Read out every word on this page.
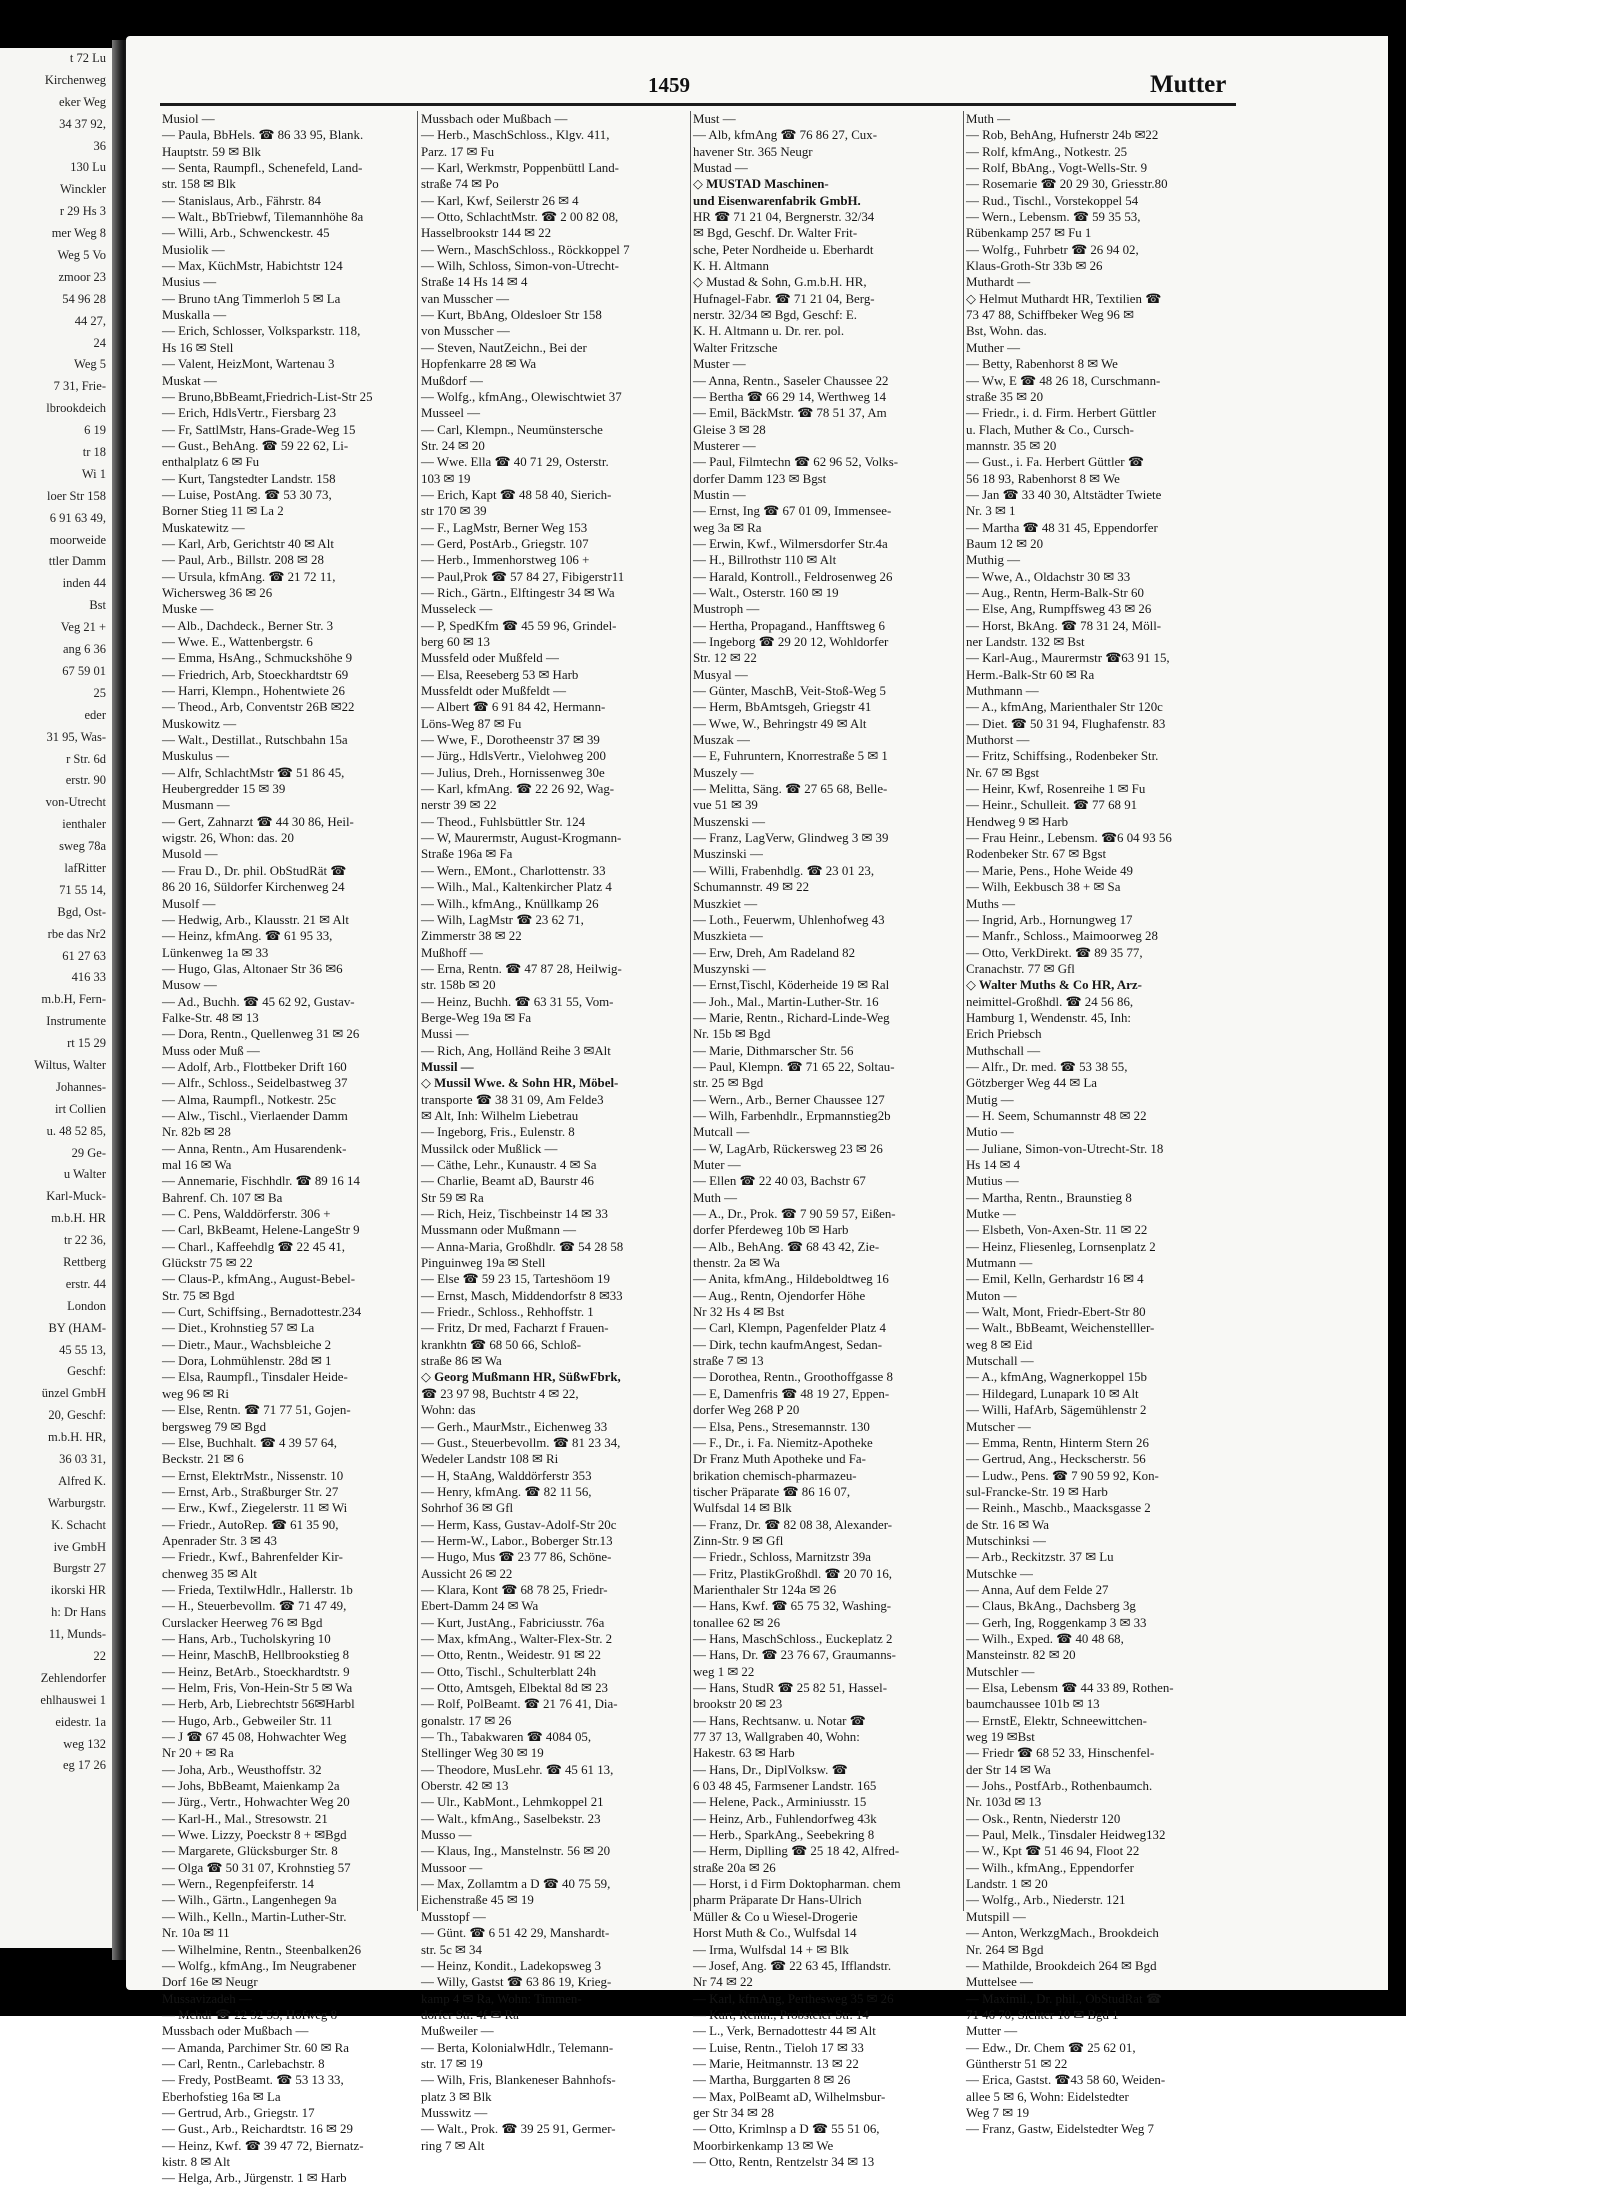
t 72 Lu
Kirchenweg
eker Weg
34 37 92,
36
130 Lu
Winckler
r 29 Hs 3
mer Weg 8
Weg 5 Vo
zmoor 23
54 96 28
44 27,
24
Weg 5
7 31, Frie-
lbrookdeich
6 19
tr 18
Wi 1
loer Str 158
6 91 63 49,
moorweide
ttler Damm
inden 44
Bst
Veg 21 +
ang 6 36
67 59 01
25
eder
31 95, Was-
r Str. 6d
erstr. 90
von-Utrecht
ienthaler
sweg 78a
lafRitter
71 55 14,
Bgd, Ost-
rbe das Nr2
61 27 63
416 33
m.b.H, Fern-
Instrumente
rt 15 29
Wiltus, Walter
Johannes-
irt Collien
u. 48 52 85,
29 Ge-
u Walter
Karl-Muck-
m.b.H. HR
tr 22 36,
Rettberg
erstr. 44
London
BY (HAM-
45 55 13,
Geschf:
ünzel GmbH
20, Geschf:
m.b.H. HR,
36 03 31,
Alfred K.
Warburgstr.
K. Schacht
ive GmbH
Burgstr 27
ikorski HR
h: Dr Hans
11, Munds-
22
Zehlendorfer
ehlhauswei 1
eidestr. 1a
weg 132
eg 17 26
1459	Mutter
Musiol —
— Paula, BbHels. ☎ 86 33 95, Blank.
Hauptstr. 59 ✉ Blk
— Senta, Raumpfl., Schenefeld, Land-
str. 158 ✉ Blk
— Stanislaus, Arb., Fährstr. 84
— Walt., BbTriebwf, Tilemannhöhe 8a
— Willi, Arb., Schwenckestr. 45
Musiolik —
— Max, KüchMstr, Habichtstr 124
Musius —
— Bruno tAng Timmerloh 5 ✉ La
Muskalla —
— Erich, Schlosser, Volksparkstr. 118,
Hs 16 ✉ Stell
— Valent, HeizMont, Wartenau 3
Muskat —
— Bruno,BbBeamt,Friedrich-List-Str 25
— Erich, HdlsVertr., Fiersbarg 23
— Fr, SattlMstr, Hans-Grade-Weg 15
— Gust., BehAng. ☎ 59 22 62, Li-
enthalplatz 6 ✉ Fu
— Kurt, Tangstedter Landstr. 158
— Luise, PostAng. ☎ 53 30 73,
Borner Stieg 11 ✉ La 2
Muskatewitz —
— Karl, Arb, Gerichtstr 40 ✉ Alt
— Paul, Arb., Billstr. 208 ✉ 28
— Ursula, kfmAng. ☎ 21 72 11,
Wichersweg 36 ✉ 26
Muske —
— Alb., Dachdeck., Berner Str. 3
— Wwe. E., Wattenbergstr. 6
— Emma, HsAng., Schmuckshöhe 9
— Friedrich, Arb, Stoeckhardtstr 69
— Harri, Klempn., Hohentwiete 26
— Theod., Arb, Conventstr 26B ✉22
Muskowitz —
— Walt., Destillat., Rutschbahn 15a
Muskulus —
— Alfr, SchlachtMstr ☎ 51 86 45,
Heubergredder 15 ✉ 39
Musmann —
— Gert, Zahnarzt ☎ 44 30 86, Heil-
wigstr. 26, Whon: das. 20
Musold —
— Frau D., Dr. phil. ObStudRät ☎
86 20 16, Süldorfer Kirchenweg 24
Musolf —
— Hedwig, Arb., Klausstr. 21 ✉ Alt
— Heinz, kfmAng. ☎ 61 95 33,
Lünkenweg 1a ✉ 33
— Hugo, Glas, Altonaer Str 36 ✉6
Musow —
— Ad., Buchh. ☎ 45 62 92, Gustav-
Falke-Str. 48 ✉ 13
— Dora, Rentn., Quellenweg 31 ✉ 26
Muss oder Muß —
— Adolf, Arb., Flottbeker Drift 160
— Alfr., Schloss., Seidelbastweg 37
— Alma, Raumpfl., Notkestr. 25c
— Alw., Tischl., Vierlaender Damm
Nr. 82b ✉ 28
— Anna, Rentn., Am Husarendenk-
mal 16 ✉ Wa
— Annemarie, Fischhdlr. ☎ 89 16 14
Bahrenf. Ch. 107 ✉ Ba
— C. Pens, Walddörferstr. 306 +
— Carl, BkBeamt, Helene-LangeStr 9
— Charl., Kaffeehdlg ☎ 22 45 41,
Glückstr 75 ✉ 22
— Claus-P., kfmAng., August-Bebel-
Str. 75 ✉ Bgd
— Curt, Schiffsing., Bernadottestr.234
— Diet., Krohnstieg 57 ✉ La
— Dietr., Maur., Wachsbleiche 2
— Dora, Lohmühlenstr. 28d ✉ 1
— Elsa, Raumpfl., Tinsdaler Heide-
weg 96 ✉ Ri
— Else, Rentn. ☎ 71 77 51, Gojen-
bergsweg 79 ✉ Bgd
— Else, Buchhalt. ☎ 4 39 57 64,
Beckstr. 21 ✉ 6
— Ernst, ElektrMstr., Nissenstr. 10
— Ernst, Arb., Straßburger Str. 27
— Erw., Kwf., Ziegelerstr. 11 ✉ Wi
— Friedr., AutoRep. ☎ 61 35 90,
Apenrader Str. 3 ✉ 43
— Friedr., Kwf., Bahrenfelder Kir-
chenweg 35 ✉ Alt
— Frieda, TextilwHdlr., Hallerstr. 1b
— H., Steuerbevollm. ☎ 71 47 49,
Curslacker Heerweg 76 ✉ Bgd
— Hans, Arb., Tucholskyring 10
— Heinr, MaschB, Hellbrookstieg 8
— Heinz, BetArb., Stoeckhardtstr. 9
— Helm, Fris, Von-Hein-Str 5 ✉ Wa
— Herb, Arb, Liebrechtstr 56✉Harbl
— Hugo, Arb., Gebweiler Str. 11
— J ☎ 67 45 08, Hohwachter Weg
Nr 20 + ✉ Ra
— Joha, Arb., Weusthoffstr. 32
— Johs, BbBeamt, Maienkamp 2a
— Jürg., Vertr., Hohwachter Weg 20
— Karl-H., Mal., Stresowstr. 21
— Wwe. Lizzy, Poeckstr 8 + ✉Bgd
— Margarete, Glücksburger Str. 8
— Olga ☎ 50 31 07, Krohnstieg 57
— Wern., Regenpfeiferstr. 14
— Wilh., Gärtn., Langenhegen 9a
— Wilh., Kelln., Martin-Luther-Str.
Nr. 10a ✉ 11
— Wilhelmine, Rentn., Steenbalken26
— Wolfg., kfmAng., Im Neugrabener
Dorf 16e ✉ Neugr
Mussavizadeh —
— Mehdi ☎ 22 32 53, Hofweg 8
Mussbach oder Mußbach —
— Amanda, Parchimer Str. 60 ✉ Ra
— Carl, Rentn., Carlebachstr. 8
— Fredy, PostBeamt. ☎ 53 13 33,
Eberhofstieg 16a ✉ La
— Gertrud, Arb., Griegstr. 17
— Gust., Arb., Reichardtstr. 16 ✉ 29
— Heinz, Kwf. ☎ 39 47 72, Biernatz-
kistr. 8 ✉ Alt
— Helga, Arb., Jürgenstr. 1 ✉ Harb
Mussbach oder Mußbach —
— Herb., MaschSchloss., Klgv. 411,
Parz. 17 ✉ Fu
— Karl, Werkmstr, Poppenbüttl Land-
straße 74 ✉ Po
— Karl, Kwf, Seilerstr 26 ✉ 4
— Otto, SchlachtMstr. ☎ 2 00 82 08,
Hasselbrookstr 144 ✉ 22
— Wern., MaschSchloss., Röckkoppel 7
— Wilh, Schloss, Simon-von-Utrecht-
Straße 14 Hs 14 ✉ 4
van Musscher —
— Kurt, BbAng, Oldesloer Str 158
von Musscher —
— Steven, NautZeichn., Bei der
Hopfenkarre 28 ✉ Wa
Mußdorf —
— Wolfg., kfmAng., Olewischtwiet 37
Musseel —
— Carl, Klempn., Neumünstersche
Str. 24 ✉ 20
— Wwe. Ella ☎ 40 71 29, Osterstr.
103 ✉ 19
— Erich, Kapt ☎ 48 58 40, Sierich-
str 170 ✉ 39
— F., LagMstr, Berner Weg 153
— Gerd, PostArb., Griegstr. 107
— Herb., Immenhorstweg 106 +
— Paul,Prok ☎ 57 84 27, Fibigerstr11
— Rich., Gärtn., Elftingestr 34 ✉ Wa
Musseleck —
— P, SpedKfm ☎ 45 59 96, Grindel-
berg 60 ✉ 13
Mussfeld oder Mußfeld —
— Elsa, Reeseberg 53 ✉ Harb
Mussfeldt oder Mußfeldt —
— Albert ☎ 6 91 84 42, Hermann-
Löns-Weg 87 ✉ Fu
— Wwe, F., Dorotheenstr 37 ✉ 39
— Jürg., HdlsVertr., Vielohweg 200
— Julius, Dreh., Hornissenweg 30e
— Karl, kfmAng. ☎ 22 26 92, Wag-
nerstr 39 ✉ 22
— Theod., Fuhlsbüttler Str. 124
— W, Maurermstr, August-Krogmann-
Straße 196a ✉ Fa
— Wern., EMont., Charlottenstr. 33
— Wilh., Mal., Kaltenkircher Platz 4
— Wilh., kfmAng., Knüllkamp 26
— Wilh, LagMstr ☎ 23 62 71,
Zimmerstr 38 ✉ 22
Mußhoff —
— Erna, Rentn. ☎ 47 87 28, Heilwig-
str. 158b ✉ 20
— Heinz, Buchh. ☎ 63 31 55, Vom-
Berge-Weg 19a ✉ Fa
Mussi —
— Rich, Ang, Holländ Reihe 3 ✉Alt
Mussil —
◇ Mussil Wwe. & Sohn HR, Möbel-
transporte ☎ 38 31 09, Am Felde3
✉ Alt, Inh: Wilhelm Liebetrau
— Ingeborg, Fris., Eulenstr. 8
Mussilck oder Mußlick —
— Cäthe, Lehr., Kunaustr. 4 ✉ Sa
— Charlie, Beamt aD, Baurstr 46
Str 59 ✉ Ra
— Rich, Heiz, Tischbeinstr 14 ✉ 33
Mussmann oder Mußmann —
— Anna-Maria, Großhdlr. ☎ 54 28 58
Pinguinweg 19a ✉ Stell
— Else ☎ 59 23 15, Tarteshöom 19
— Ernst, Masch, Middendorfstr 8 ✉33
— Friedr., Schloss., Rehhoffstr. 1
— Fritz, Dr med, Facharzt f Frauen-
krankhtn ☎ 68 50 66, Schloß-
straße 86 ✉ Wa
◇ Georg Mußmann HR, SüßwFbrk,
☎ 23 97 98, Buchtstr 4 ✉ 22,
Wohn: das
— Gerh., MaurMstr., Eichenweg 33
— Gust., Steuerbevollm. ☎ 81 23 34,
Wedeler Landstr 108 ✉ Ri
— H, StaAng, Walddörferstr 353
— Henry, kfmAng. ☎ 82 11 56,
Sohrhof 36 ✉ Gfl
— Herm, Kass, Gustav-Adolf-Str 20c
— Herm-W., Labor., Boberger Str.13
— Hugo, Mus ☎ 23 77 86, Schöne-
Aussicht 26 ✉ 22
— Klara, Kont ☎ 68 78 25, Friedr-
Ebert-Damm 24 ✉ Wa
— Kurt, JustAng., Fabriciusstr. 76a
— Max, kfmAng., Walter-Flex-Str. 2
— Otto, Rentn., Weidestr. 91 ✉ 22
— Otto, Tischl., Schulterblatt 24h
— Otto, Amtsgeh, Elbektal 8d ✉ 23
— Rolf, PolBeamt. ☎ 21 76 41, Dia-
gonalstr. 17 ✉ 26
— Th., Tabakwaren ☎ 4084 05,
Stellinger Weg 30 ✉ 19
— Theodore, MusLehr. ☎ 45 61 13,
Oberstr. 42 ✉ 13
— Ulr., KabMont., Lehmkoppel 21
— Walt., kfmAng., Saselbekstr. 23
Musso —
— Klaus, Ing., Manstelnstr. 56 ✉ 20
Mussoor —
— Max, Zollamtm a D ☎ 40 75 59,
Eichenstraße 45 ✉ 19
Musstopf —
— Günt. ☎ 6 51 42 29, Manshardt-
str. 5c ✉ 34
— Heinz, Kondit., Ladekopsweg 3
— Willy, Gastst ☎ 63 86 19, Krieg-
kamp 4 ✉ Ra, Wohn: Timmen-
dorfer Str. 4f ✉ Ra
Mußweiler —
— Berta, KolonialwHdlr., Telemann-
str. 17 ✉ 19
— Wilh, Fris, Blankeneser Bahnhofs-
platz 3 ✉ Blk
Musswitz —
— Walt., Prok. ☎ 39 25 91, Germer-
ring 7 ✉ Alt
Must —
— Alb, kfmAng ☎ 76 86 27, Cux-
havener Str. 365 Neugr
Mustad —
◇ MUSTAD Maschinen-
und Eisenwarenfabrik GmbH.
HR ☎ 71 21 04, Bergnerstr. 32/34
✉ Bgd, Geschf. Dr. Walter Frit-
sche, Peter Nordheide u. Eberhardt
K. H. Altmann
◇ Mustad & Sohn, G.m.b.H. HR,
Hufnagel-Fabr. ☎ 71 21 04, Berg-
nerstr. 32/34 ✉ Bgd, Geschf: E.
K. H. Altmann u. Dr. rer. pol.
Walter Fritzsche
Muster —
— Anna, Rentn., Saseler Chaussee 22
— Bertha ☎ 66 29 14, Werthweg 14
— Emil, BäckMstr. ☎ 78 51 37, Am
Gleise 3 ✉ 28
Musterer —
— Paul, Filmtechn ☎ 62 96 52, Volks-
dorfer Damm 123 ✉ Bgst
Mustin —
— Ernst, Ing ☎ 67 01 09, Immensee-
weg 3a ✉ Ra
— Erwin, Kwf., Wilmersdorfer Str.4a
— H., Billrothstr 110 ✉ Alt
— Harald, Kontroll., Feldrosenweg 26
— Walt., Osterstr. 160 ✉ 19
Mustroph —
— Hertha, Propagand., Hanfftsweg 6
— Ingeborg ☎ 29 20 12, Wohldorfer
Str. 12 ✉ 22
Musyal —
— Günter, MaschB, Veit-Stoß-Weg 5
— Herm, BbAmtsgeh, Griegstr 41
— Wwe, W., Behringstr 49 ✉ Alt
Muszak —
— E, Fuhruntern, Knorrestraße 5 ✉ 1
Muszely —
— Melitta, Säng. ☎ 27 65 68, Belle-
vue 51 ✉ 39
Muszenski —
— Franz, LagVerw, Glindweg 3 ✉ 39
Muszinski —
— Willi, Frabenhdlg. ☎ 23 01 23,
Schumannstr. 49 ✉ 22
Muszkiet —
— Loth., Feuerwm, Uhlenhofweg 43
Muszkieta —
— Erw, Dreh, Am Radeland 82
Muszynski —
— Ernst,Tischl, Köderheide 19 ✉ Ral
— Joh., Mal., Martin-Luther-Str. 16
— Marie, Rentn., Richard-Linde-Weg
Nr. 15b ✉ Bgd
— Marie, Dithmarscher Str. 56
— Paul, Klempn. ☎ 71 65 22, Soltau-
str. 25 ✉ Bgd
— Wern., Arb., Berner Chaussee 127
— Wilh, Farbenhdlr., Erpmannstieg2b
Mutcall —
— W, LagArb, Rückersweg 23 ✉ 26
Muter —
— Ellen ☎ 22 40 03, Bachstr 67
Muth —
— A., Dr., Prok. ☎ 7 90 59 57, Eißen-
dorfer Pferdeweg 10b ✉ Harb
— Alb., BehAng. ☎ 68 43 42, Zie-
thenstr. 2a ✉ Wa
— Anita, kfmAng., Hildeboldtweg 16
— Aug., Rentn, Ojendorfer Höhe
Nr 32 Hs 4 ✉ Bst
— Carl, Klempn, Pagenfelder Platz 4
— Dirk, techn kaufmAngest, Sedan-
straße 7 ✉ 13
— Dorothea, Rentn., Groothoffgasse 8
— E, Damenfris ☎ 48 19 27, Eppen-
dorfer Weg 268 P 20
— Elsa, Pens., Stresemannstr. 130
— F., Dr., i. Fa. Niemitz-Apotheke
Dr Franz Muth Apotheke und Fa-
brikation chemisch-pharmazeu-
tischer Präparate ☎ 86 16 07,
Wulfsdal 14 ✉ Blk
— Franz, Dr. ☎ 82 08 38, Alexander-
Zinn-Str. 9 ✉ Gfl
— Friedr., Schloss, Marnitzstr 39a
— Fritz, PlastikGroßhdl. ☎ 20 70 16,
Marienthaler Str 124a ✉ 26
— Hans, Kwf. ☎ 65 75 32, Washing-
tonallee 62 ✉ 26
— Hans, MaschSchloss., Euckeplatz 2
— Hans, Dr. ☎ 23 76 67, Graumanns-
weg 1 ✉ 22
— Hans, StudR ☎ 25 82 51, Hassel-
brookstr 20 ✉ 23
— Hans, Rechtsanw. u. Notar ☎
77 37 13, Wallgraben 40, Wohn:
Hakestr. 63 ✉ Harb
— Hans, Dr., DiplVolksw. ☎
6 03 48 45, Farmsener Landstr. 165
— Helene, Pack., Arminiusstr. 15
— Heinz, Arb., Fuhlendorfweg 43k
— Herb., SparkAng., Seebekring 8
— Herm, Diplling ☎ 25 18 42, Alfred-
straße 20a ✉ 26
— Horst, i d Firm Doktopharman. chem
pharm Präparate Dr Hans-Ulrich
Müller & Co u Wiesel-Drogerie
Horst Muth & Co., Wulfsdal 14
— Irma, Wulfsdal 14 + ✉ Blk
— Josef, Ang. ☎ 22 63 45, Ifflandstr.
Nr 74 ✉ 22
— Karl, kfmAng, Perthesweg 35 ✉ 26
— Kurt, Rentn., Probsteier Str. 14
— L., Verk, Bernadottestr 44 ✉ Alt
— Luise, Rentn., Tieloh 17 ✉ 33
— Marie, Heitmannstr. 13 ✉ 22
— Martha, Burggarten 8 ✉ 26
— Max, PolBeamt aD, Wilhelmsbur-
ger Str 34 ✉ 28
— Otto, Krimlnsp a D ☎ 55 51 06,
Moorbirkenkamp 13 ✉ We
— Otto, Rentn, Rentzelstr 34 ✉ 13
Muth —
— Rob, BehAng, Hufnerstr 24b ✉22
— Rolf, kfmAng., Notkestr. 25
— Rolf, BbAng., Vogt-Wells-Str. 9
— Rosemarie ☎ 20 29 30, Griesstr.80
— Rud., Tischl., Vorstekoppel 54
— Wern., Lebensm. ☎ 59 35 53,
Rübenkamp 257 ✉ Fu 1
— Wolfg., Fuhrbetr ☎ 26 94 02,
Klaus-Groth-Str 33b ✉ 26
Muthardt —
◇ Helmut Muthardt HR, Textilien ☎
73 47 88, Schiffbeker Weg 96 ✉
Bst, Wohn. das.
Muther —
— Betty, Rabenhorst 8 ✉ We
— Ww, E ☎ 48 26 18, Curschmann-
straße 35 ✉ 20
— Friedr., i. d. Firm. Herbert Güttler
u. Flach, Muther & Co., Cursch-
mannstr. 35 ✉ 20
— Gust., i. Fa. Herbert Güttler ☎
56 18 93, Rabenhorst 8 ✉ We
— Jan ☎ 33 40 30, Altstädter Twiete
Nr. 3 ✉ 1
— Martha ☎ 48 31 45, Eppendorfer
Baum 12 ✉ 20
Muthig —
— Wwe, A., Oldachstr 30 ✉ 33
— Aug., Rentn, Herm-Balk-Str 60
— Else, Ang, Rumpffsweg 43 ✉ 26
— Horst, BkAng. ☎ 78 31 24, Möll-
ner Landstr. 132 ✉ Bst
— Karl-Aug., Maurermstr ☎63 91 15,
Herm.-Balk-Str 60 ✉ Ra
Muthmann —
— A., kfmAng, Marienthaler Str 120c
— Diet. ☎ 50 31 94, Flughafenstr. 83
Muthorst —
— Fritz, Schiffsing., Rodenbeker Str.
Nr. 67 ✉ Bgst
— Heinr, Kwf, Rosenreihe 1 ✉ Fu
— Heinr., Schulleit. ☎ 77 68 91
Hendweg 9 ✉ Harb
— Frau Heinr., Lebensm. ☎6 04 93 56
Rodenbeker Str. 67 ✉ Bgst
— Marie, Pens., Hohe Weide 49
— Wilh, Eekbusch 38 + ✉ Sa
Muths —
— Ingrid, Arb., Hornungweg 17
— Manfr., Schloss., Maimoorweg 28
— Otto, VerkDirekt. ☎ 89 35 77,
Cranachstr. 77 ✉ Gfl
◇ Walter Muths & Co HR, Arz-
neimittel-Großhdl. ☎ 24 56 86,
Hamburg 1, Wendenstr. 45, Inh:
Erich Priebsch
Muthschall —
— Alfr., Dr. med. ☎ 53 38 55,
Götzberger Weg 44 ✉ La
Mutig —
— H. Seem, Schumannstr 48 ✉ 22
Mutio —
— Juliane, Simon-von-Utrecht-Str. 18
Hs 14 ✉ 4
Mutius —
— Martha, Rentn., Braunstieg 8
Mutke —
— Elsbeth, Von-Axen-Str. 11 ✉ 22
— Heinz, Fliesenleg, Lornsenplatz 2
Mutmann —
— Emil, Kelln, Gerhardstr 16 ✉ 4
Muton —
— Walt, Mont, Friedr-Ebert-Str 80
— Walt., BbBeamt, Weichenstelller-
weg 8 ✉ Eid
Mutschall —
— A., kfmAng, Wagnerkoppel 15b
— Hildegard, Lunapark 10 ✉ Alt
— Willi, HafArb, Sägemühlenstr 2
Mutscher —
— Emma, Rentn, Hinterm Stern 26
— Gertrud, Ang., Heckscherstr. 56
— Ludw., Pens. ☎ 7 90 59 92, Kon-
sul-Francke-Str. 19 ✉ Harb
— Reinh., Maschb., Maacksgasse 2
de Str. 16 ✉ Wa
Mutschinksi —
— Arb., Reckitzstr. 37 ✉ Lu
Mutschke —
— Anna, Auf dem Felde 27
— Claus, BkAng., Dachsberg 3g
— Gerh, Ing, Roggenkamp 3 ✉ 33
— Wilh., Exped. ☎ 40 48 68,
Mansteinstr. 82 ✉ 20
Mutschler —
— Elsa, Lebensm ☎ 44 33 89, Rothen-
baumchaussee 101b ✉ 13
— ErnstE, Elektr, Schneewittchen-
weg 19 ✉Bst
— Friedr ☎ 68 52 33, Hinschenfel-
der Str 14 ✉ Wa
— Johs., PostfArb., Rothenbaumch.
Nr. 103d ✉ 13
— Osk., Rentn, Niederstr 120
— Paul, Melk., Tinsdaler Heidweg132
— W., Kpt ☎ 51 46 94, Floot 22
— Wilh., kfmAng., Eppendorfer
Landstr. 1 ✉ 20
— Wolfg., Arb., Niederstr. 121
Mutspill —
— Anton, WerkzgMach., Brookdeich
Nr. 264 ✉ Bgd
— Mathilde, Brookdeich 264 ✉ Bgd
Muttelsee —
— Maximil., Dr. phil., ObStudRat ☎
71 46 70, Sichter 10 ✉ Bgd 1
Mutter —
— Edw., Dr. Chem ☎ 25 62 01,
Güntherstr 51 ✉ 22
— Erica, Gastst. ☎43 58 60, Weiden-
allee 5 ✉ 6, Wohn: Eidelstedter
Weg 7 ✉ 19
— Franz, Gastw, Eidelstedter Weg 7
